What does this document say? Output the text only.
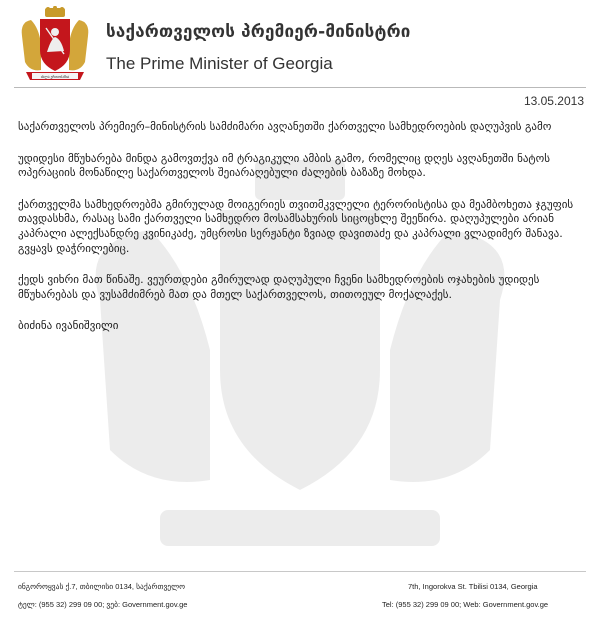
ძალა ერთობაშია
საქართველოს პრემიერ-მინისტრი
The Prime Minister of Georgia
13.05.2013

საქართველოს პრემიერ–მინისტრის სამძიმარი ავღანეთში ქართველი სამხედროების დაღუპვის გამო

უდიდესი მწუხარება მინდა გამოვთქვა იმ ტრაგიკული ამბის გამო, რომელიც დღეს ავღანეთში ნატოს ოპერაციის მონაწილე საქართველოს შეიარაღებული ძალების ბაზაზე მოხდა.

ქართველმა სამხედროებმა გმირულად მოიგერიეს თვითმკვლელი ტერორისტისა და მეამბოხეთა ჯგუფის თავდასხმა, რასაც სამი ქართველი სამხედრო მოსამსახურის სიცოცხლე შეეწირა. დაღუპულები არიან კაპრალი ალექსანდრე კვინიკაძე, უმცროსი სერჟანტი ზვიად დავითაძე და კაპრალი ვლადიმერ შანავა. გვყავს დაჭრილებიც.

ქედს ვიხრი მათ წინაშე. ვეურთდები გმირულად დაღუპული ჩვენი სამხედროების ოჯახების უდიდეს მწუხარებას და ვუსამძიმრებ მათ და მთელ საქართველოს, თითოეულ მოქალაქეს.

ბიძინა ივანიშვილი

ინგოროყვას ქ.7, თბილისი 0134, საქართველო
ტელ: (955 32) 299 09 00; ვებ: Government.gov.ge
7th, Ingorokva St. Tbilisi 0134, Georgia
Tel: (955 32) 299 09 00; Web: Government.gov.ge
